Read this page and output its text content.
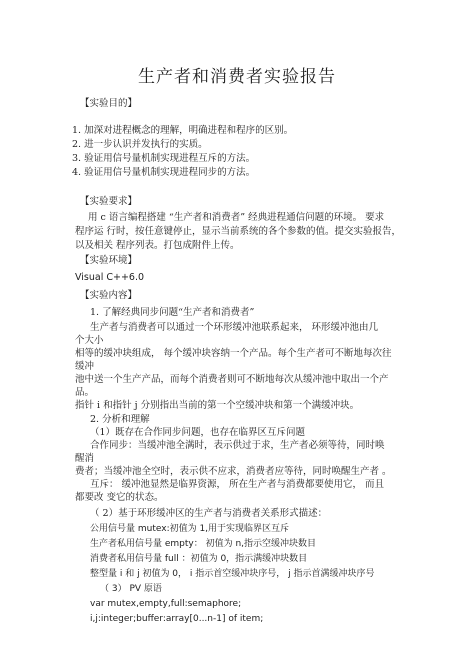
生产者和消费者实验报告
【实验目的】
1. 加深对进程概念的理解，明确进程和程序的区别。
2. 进一步认识并发执行的实质。
3. 验证用信号量机制实现进程互斥的方法。
4. 验证用信号量机制实现进程同步的方法。
【实验要求】
用 c 语言编程搭建 “生产者和消费者” 经典进程通信问题的环境。 要求
程序运 行时，按任意键停止，显示当前系统的各个参数的值。提交实验报告，
以及相关 程序列表。打包成附件上传。
【实验环境】
Visual C++6.0
【实验内容】
1. 了解经典同步问题“生产者和消费者”
生产者与消费者可以通过一个环形缓冲池联系起来， 环形缓冲池由几
个大小
相等的缓冲块组成， 每个缓冲块容纳一个产品。每个生产者可不断地每次往
缓冲
池中送一个生产产品，而每个消费者则可不断地每次从缓冲池中取出一个产
品。
指针 i 和指针 j 分别指出当前的第一个空缓冲块和第一个满缓冲块。
2. 分析和理解
（1）既存在合作同步问题，也存在临界区互斥问题
合作同步：当缓冲池全满时，表示供过于求，生产者必须等待，同时唤
醒消
费者；当缓冲池全空时，表示供不应求，消费者应等待，同时唤醒生产者 。
互斥： 缓冲池显然是临界资源， 所在生产者与消费都要使用它， 而且
都要改 变它的状态。
（ 2）基于环形缓冲区的生产者与消费者关系形式描述：
公用信号量 mutex:初值为 1,用于实现临界区互斥
生产者私用信号量 empty： 初值为 n,指示空缓冲块数目
消费者私用信号量 full ：初值为 0，指示满缓冲块数目
整型量 i 和 j 初值为 0， i 指示首空缓冲块序号， j 指示首满缓冲块序号
（ 3） PV 原语
var mutex,empty,full:semaphore;
i,j:integer;buffer:array[0...n-1] of item;
